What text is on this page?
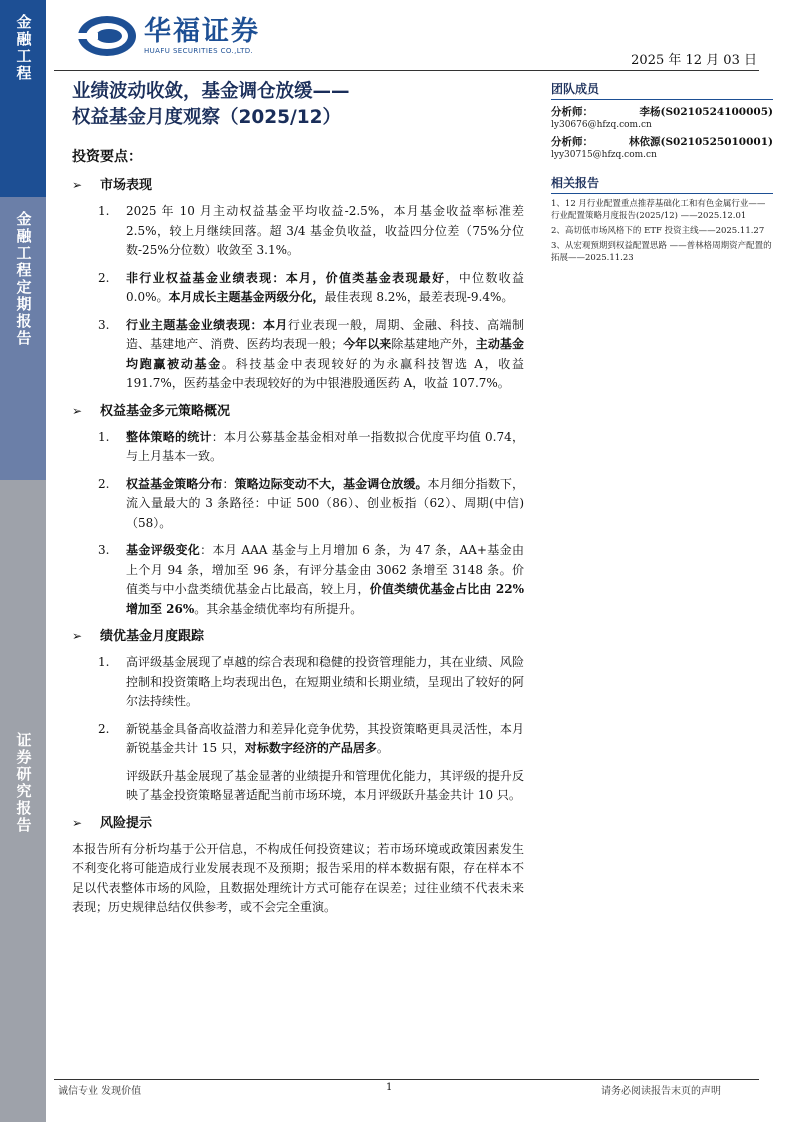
金融工程
金融工程定期报告
证券研究报告
华福证券
HUAFU SECURITIES CO.,LTD.
2025 年 12 月 03 日
业绩波动收敛，基金调仓放缓——
权益基金月度观察（2025/12）
投资要点：
➢	市场表现
1.	2025 年 10 月主动权益基金平均收益-2.5%，本月基金收益率标准差 2.5%，较上月继续回落。超 3/4 基金负收益，收益四分位差（75%分位数-25%分位数）收敛至 3.1%。
2.	非行业权益基金业绩表现：本月，价值类基金表现最好，中位数收益 0.0%。本月成长主题基金两级分化，最佳表现 8.2%，最差表现-9.4%。
3.	行业主题基金业绩表现：本月行业表现一般，周期、金融、科技、高端制造、基建地产、消费、医药均表现一般；今年以来除基建地产外，主动基金均跑赢被动基金。科技基金中表现较好的为永赢科技智选 A，收益 191.7%，医药基金中表现较好的为中银港股通医药 A，收益 107.7%。
➢	权益基金多元策略概况
1.	整体策略的统计：本月公募基金基金相对单一指数拟合优度平均值 0.74，与上月基本一致。
2.	权益基金策略分布：策略边际变动不大，基金调仓放缓。本月细分指数下，流入量最大的 3 条路径：中证 500（86）、创业板指（62）、周期(中信)（58）。
3.	基金评级变化：本月 AAA 基金与上月增加 6 条，为 47 条，AA+基金由上个月 94 条，增加至 96 条，有评分基金由 3062 条增至 3148 条。价值类与中小盘类绩优基金占比最高，较上月，价值类绩优基金占比由 22%增加至 26%。其余基金绩优率均有所提升。
➢	绩优基金月度跟踪
1.	高评级基金展现了卓越的综合表现和稳健的投资管理能力，其在业绩、风险控制和投资策略上均表现出色，在短期业绩和长期业绩，呈现出了较好的阿尔法持续性。
2.	新锐基金具备高收益潜力和差异化竞争优势，其投资策略更具灵活性，本月新锐基金共计 15 只，对标数字经济的产品居多。
评级跃升基金展现了基金显著的业绩提升和管理优化能力，其评级的提升反映了基金投资策略显著适配当前市场环境，本月评级跃升基金共计 10 只。
➢	风险提示
本报告所有分析均基于公开信息，不构成任何投资建议；若市场环境或政策因素发生不利变化将可能造成行业发展表现不及预期；报告采用的样本数据有限，存在样本不足以代表整体市场的风险，且数据处理统计方式可能存在误差；过往业绩不代表未来表现；历史规律总结仅供参考，或不会完全重演。
团队成员
分析师：	李杨(S0210524100005)
ly30676@hfzq.com.cn
分析师：	林依源(S0210525010001)
lyy30715@hfzq.com.cn
相关报告
1、12 月行业配置重点推荐基础化工和有色金属行业——行业配置策略月度报告(2025/12) ——2025.12.01
2、高切低市场风格下的 ETF 投资主线——2025.11.27
3、从宏观预期到权益配置思路 ——普林格周期资产配置的拓展——2025.11.23
诚信专业 发现价值	1	请务必阅读报告末页的声明
